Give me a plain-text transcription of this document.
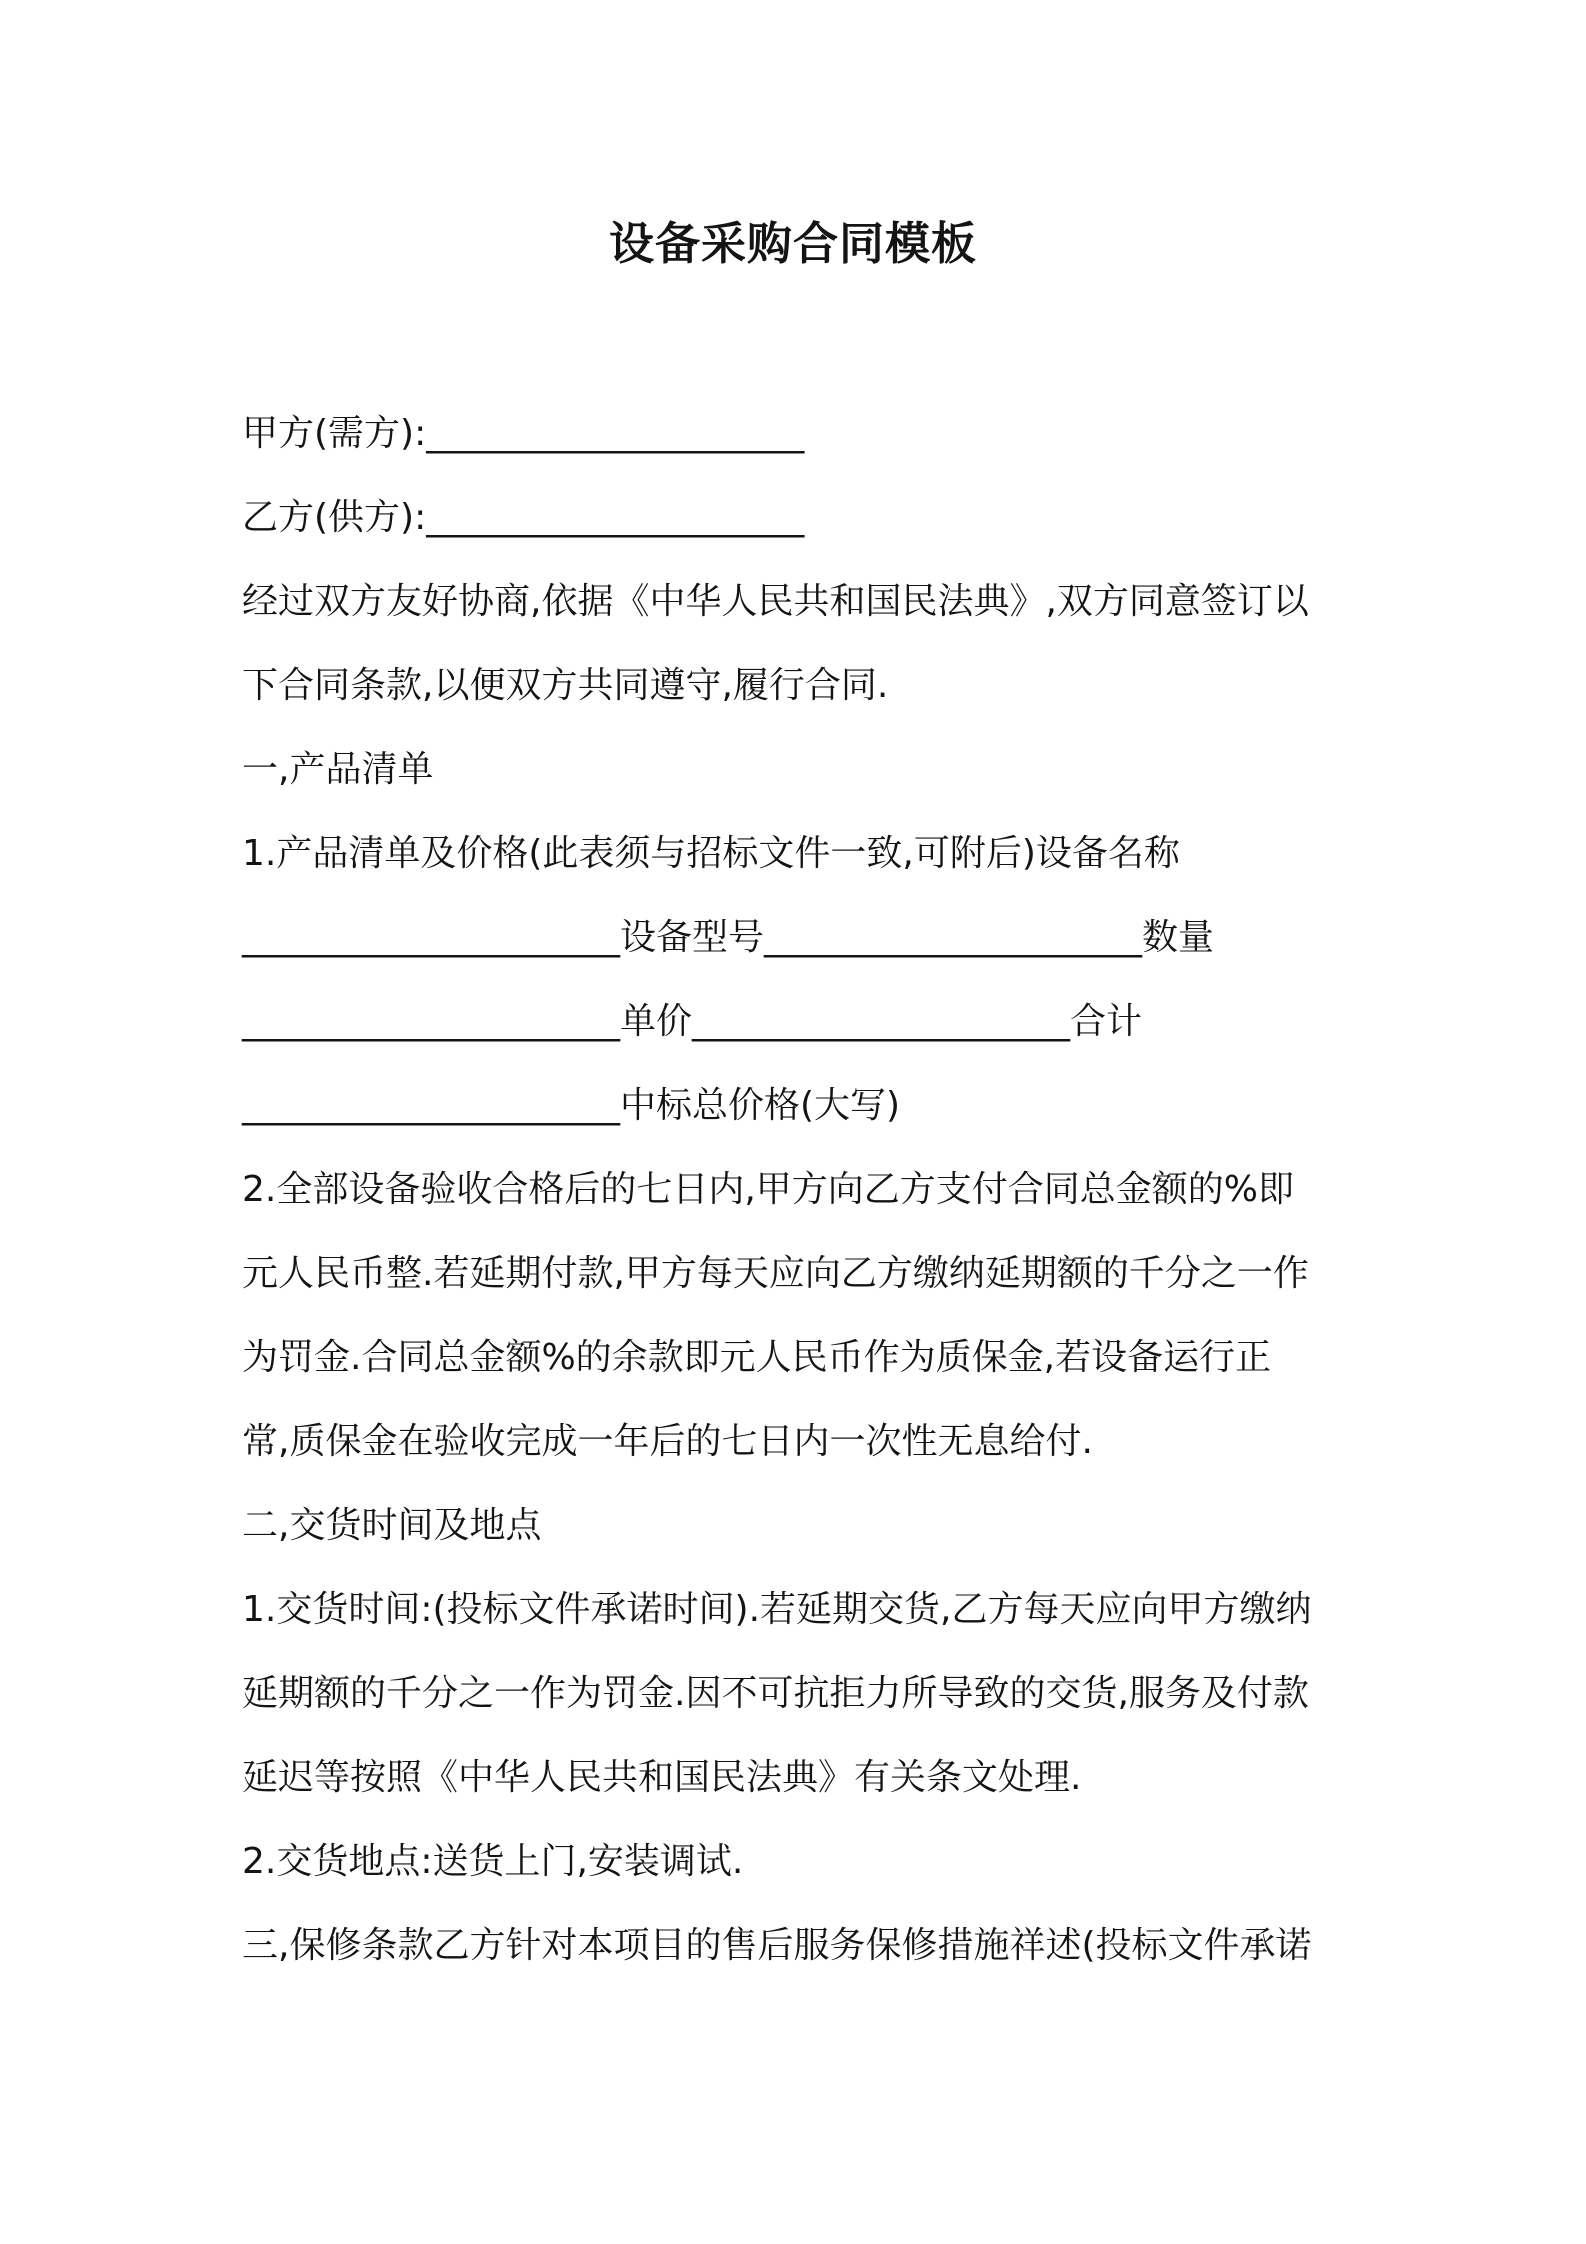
设备采购合同模板

甲方(需方):_____________________

乙方(供方):_____________________

经过双方友好协商,依据《中华人民共和国民法典》,双方同意签订以

下合同条款,以便双方共同遵守,履行合同.

一,产品清单

1.产品清单及价格(此表须与招标文件一致,可附后)设备名称

_____________________设备型号_____________________数量

_____________________单价_____________________合计

_____________________中标总价格(大写)

2.全部设备验收合格后的七日内,甲方向乙方支付合同总金额的%即

元人民币整.若延期付款,甲方每天应向乙方缴纳延期额的千分之一作

为罚金.合同总金额%的余款即元人民币作为质保金,若设备运行正

常,质保金在验收完成一年后的七日内一次性无息给付.

二,交货时间及地点

1.交货时间:(投标文件承诺时间).若延期交货,乙方每天应向甲方缴纳

延期额的千分之一作为罚金.因不可抗拒力所导致的交货,服务及付款

延迟等按照《中华人民共和国民法典》有关条文处理.

2.交货地点:送货上门,安装调试.

三,保修条款乙方针对本项目的售后服务保修措施祥述(投标文件承诺
